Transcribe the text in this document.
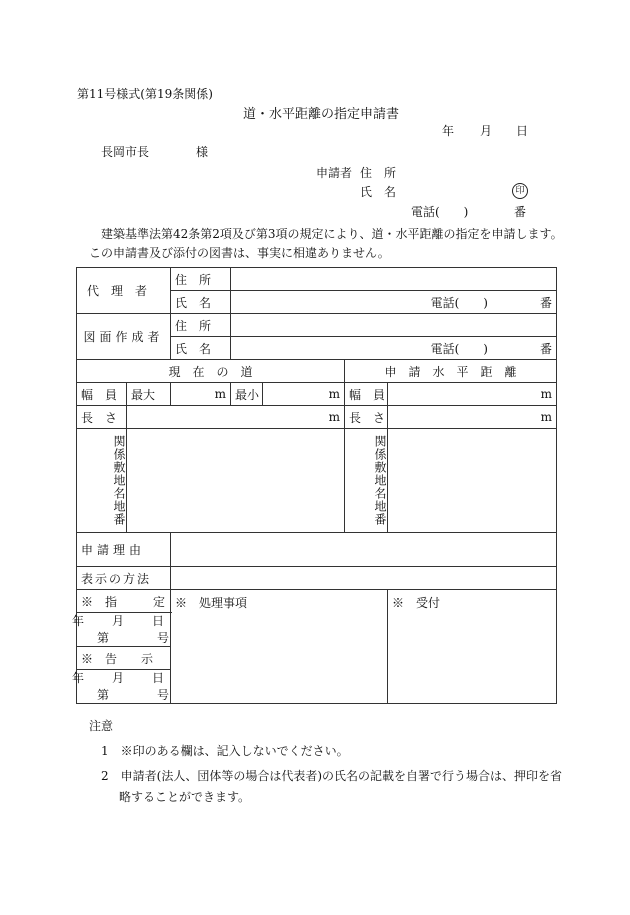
第11号様式(第19条関係)
道・水平距離の指定申請書
年 月 日
長岡市長	様
申請者 住　所
氏　名	印
電話(　　)	番
建築基準法第42条第2項及び第3項の規定により、道・水平距離の指定を申請します。
この申請書及び添付の図書は、事実に相違ありません。
代　理　者		住　所				
		氏　名	電話(　　) 番			

図面作成者		住　所				
		氏　名	電話(　　) 番			

現　在　の　道					申　請　水　平　距　離	
幅　員	最大	m	最小	m	幅　員	m
長　さ	m				長　さ	m
関係敷地名地番					関係敷地名地番	
申請理由						
表示の方法						
※　指　　　定		※　処理事項				※　受付

年 月 日
第 号						

※　告　　示						

年 月 日
第 号						
注意
1　※印のある欄は、記入しないでください。
2　申請者(法人、団体等の場合は代表者)の氏名の記載を自署で行う場合は、押印を省
略することができます。
